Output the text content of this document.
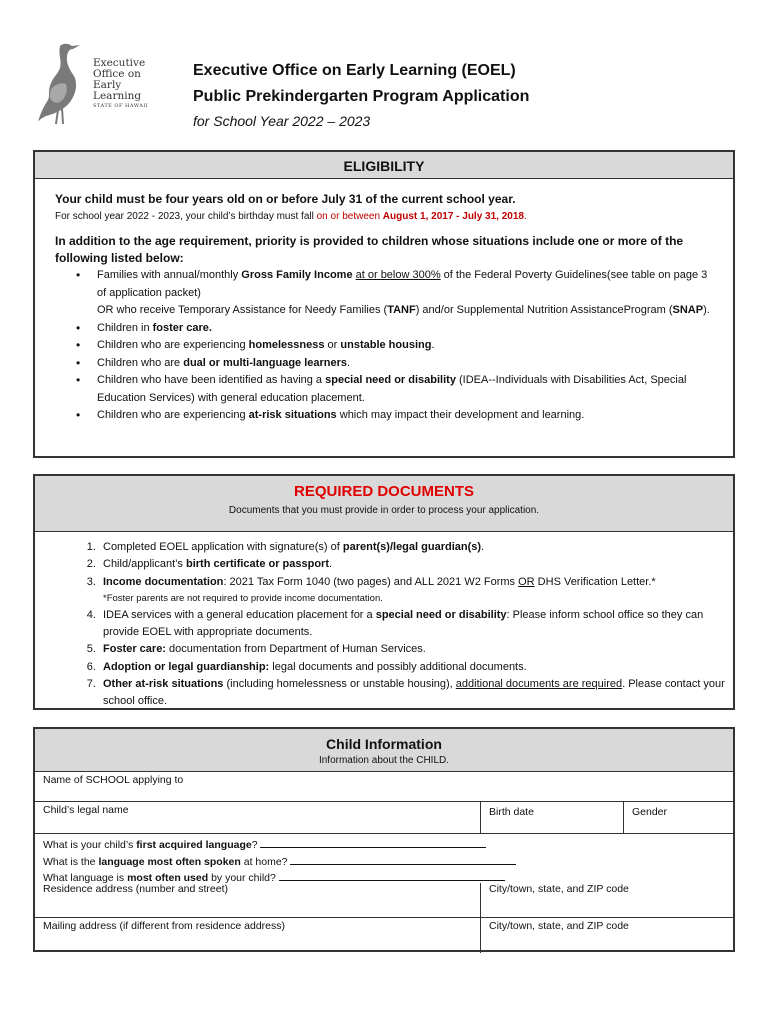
Executive
Office on
Early
Learning
STATE OF HAWAII
Executive Office on Early Learning (EOEL)
Public Prekindergarten Program Application
for School Year 2022 – 2023
ELIGIBILITY
Your child must be four years old on or before July 31 of the current school year.
For school year 2022 - 2023, your child’s birthday must fall on or between August 1, 2017 - July 31, 2018.
In addition to the age requirement, priority is provided to children whose situations include one or more of the following listed below:
• Families with annual/monthly Gross Family Income at or below 300% of the Federal Poverty Guidelines(see table on page 3 of application packet)
OR who receive Temporary Assistance for Needy Families (TANF) and/or Supplemental Nutrition AssistanceProgram (SNAP).
• Children in foster care.
• Children who are experiencing homelessness or unstable housing.
• Children who are dual or multi-language learners.
• Children who have been identified as having a special need or disability (IDEA--Individuals with Disabilities Act, Special Education Services) with general education placement.
• Children who are experiencing at-risk situations which may impact their development and learning.
REQUIRED DOCUMENTS
Documents that you must provide in order to process your application.
1. Completed EOEL application with signature(s) of parent(s)/legal guardian(s).
2. Child/applicant’s birth certificate or passport.
3. Income documentation: 2021 Tax Form 1040 (two pages) and ALL 2021 W2 Forms OR DHS Verification Letter.*
*Foster parents are not required to provide income documentation.
4. IDEA services with a general education placement for a special need or disability: Please inform school office so they can provide EOEL with appropriate documents.
5. Foster care: documentation from Department of Human Services.
6. Adoption or legal guardianship: legal documents and possibly additional documents.
7. Other at-risk situations (including homelessness or unstable housing), additional documents are required. Please contact your school office.
Child Information
Information about the CHILD.
Name of SCHOOL applying to
Child’s legal name	Birth date	Gender
What is your child’s first acquired language?
What is the language most often spoken at home?
What language is most often used by your child?
Residence address (number and street)	City/town, state, and ZIP code
Mailing address (if different from residence address)	City/town, state, and ZIP code
